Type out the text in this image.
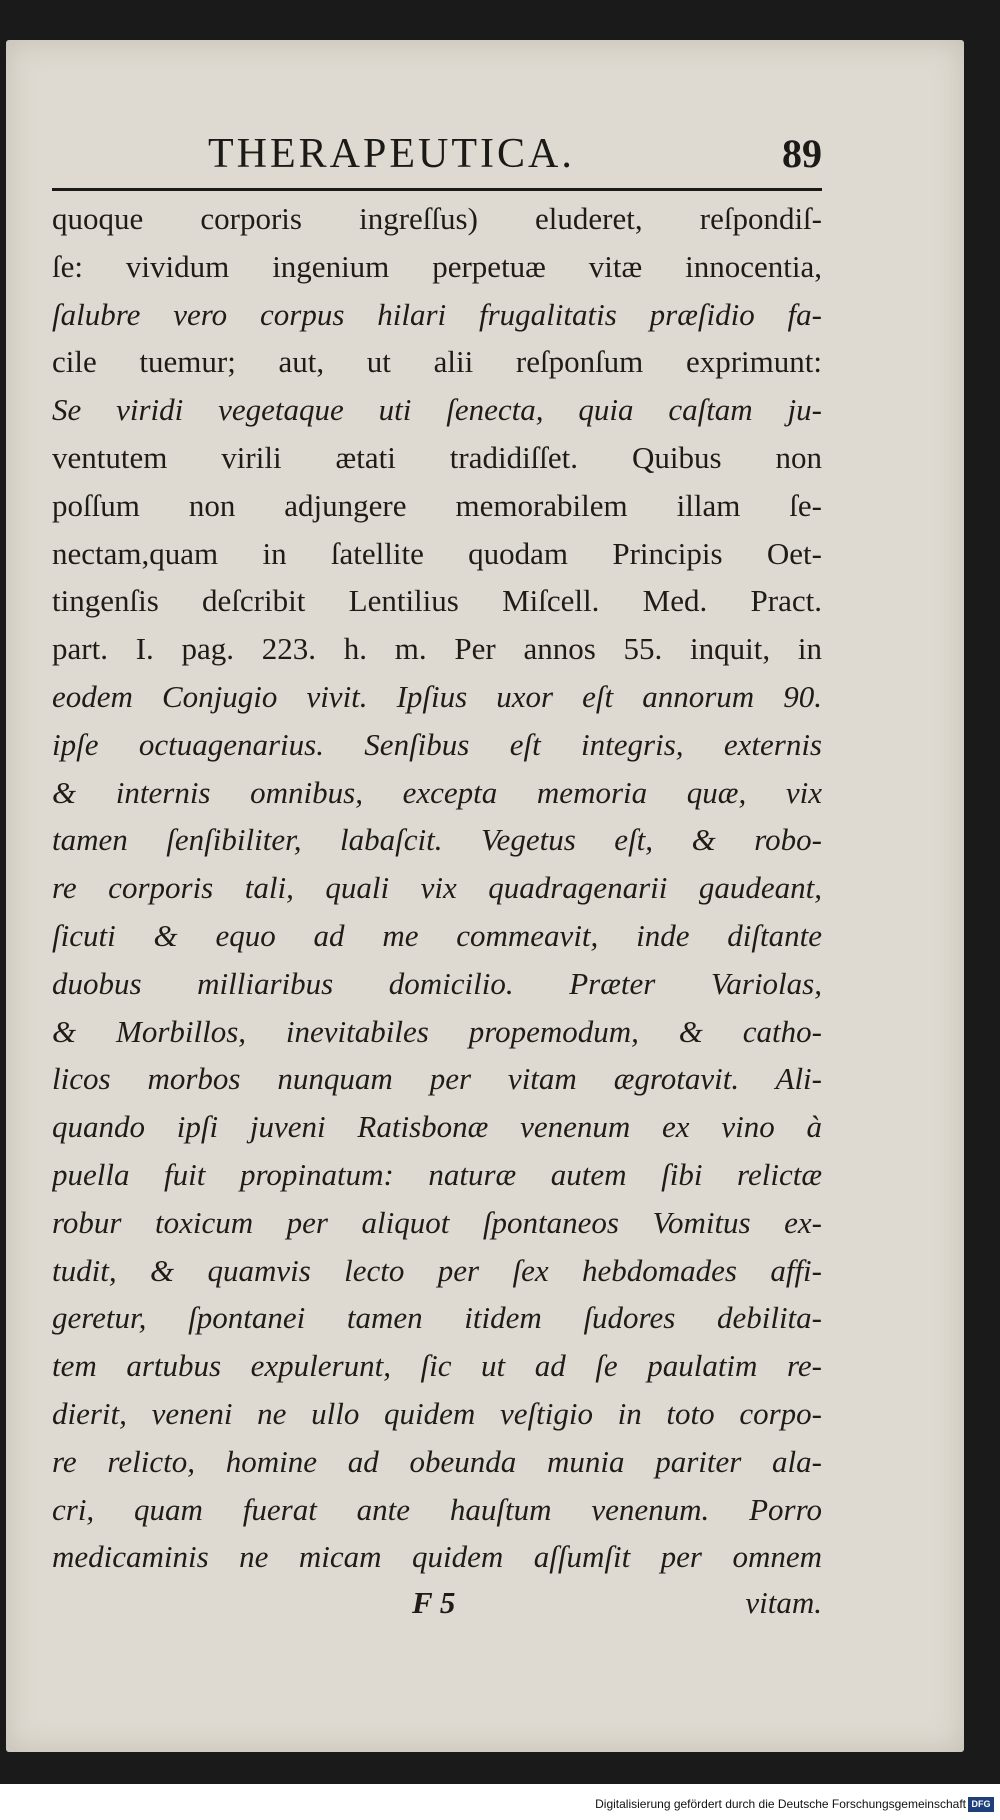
THERAPEUTICA.	89
quoque corporis ingreſſus) eluderet, reſpondiſ-
ſe: vividum ingenium perpetuæ vitæ innocentia,
ſalubre vero corpus hilari frugalitatis præſidio fa-
cile tuemur; aut, ut alii reſponſum exprimunt:
Se viridi vegetaque uti ſenecta, quia caſtam ju-
ventutem virili ætati tradidiſſet. Quibus non
poſſum non adjungere memorabilem illam ſe-
nectam,quam in ſatellite quodam Principis Oet-
tingenſis deſcribit Lentilius Miſcell. Med. Pract.
part. I. pag. 223. h. m. Per annos 55. inquit, in
eodem Conjugio vivit. Ipſius uxor eſt annorum 90.
ipſe octuagenarius. Senſibus eſt integris, externis
& internis omnibus, excepta memoria quæ, vix
tamen ſenſibiliter, labaſcit. Vegetus eſt, & robo-
re corporis tali, quali vix quadragenarii gaudeant,
ſicuti & equo ad me commeavit, inde diſtante
duobus milliaribus domicilio. Præter Variolas,
& Morbillos, inevitabiles propemodum, & catho-
licos morbos nunquam per vitam ægrotavit. Ali-
quando ipſi juveni Ratisbonæ venenum ex vino à
puella fuit propinatum: naturæ autem ſibi relictæ
robur toxicum per aliquot ſpontaneos Vomitus ex-
tudit, & quamvis lecto per ſex hebdomades affi-
geretur, ſpontanei tamen itidem ſudores debilita-
tem artubus expulerunt, ſic ut ad ſe paulatim re-
dierit, veneni ne ullo quidem veſtigio in toto corpo-
re relicto, homine ad obeunda munia pariter ala-
cri, quam fuerat ante hauſtum venenum. Porro
medicaminis ne micam quidem aſſumſit per omnem
F 5	vitam.
Digitalisierung gefördert durch die Deutsche Forschungsgemeinschaft DFG
